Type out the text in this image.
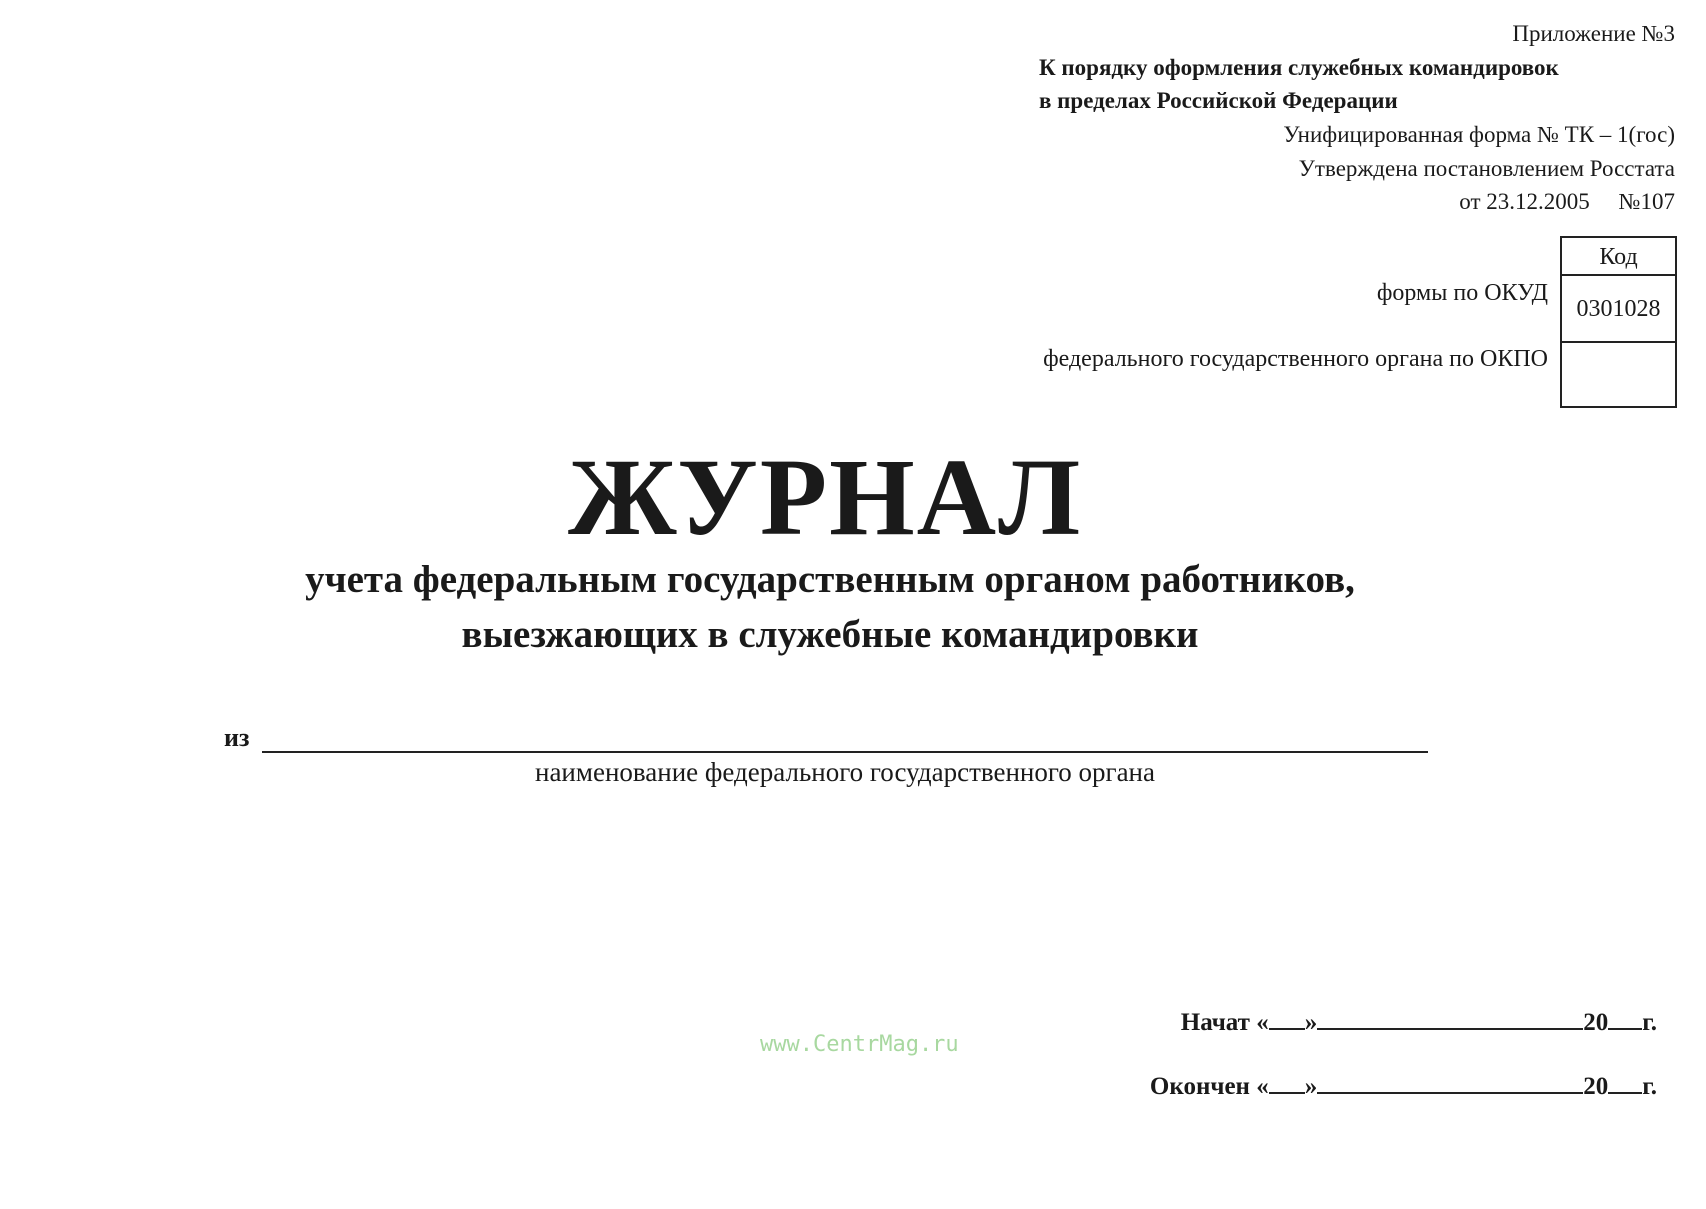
Приложение №3
К порядку оформления служебных командировок
в пределах Российской Федерации
Унифицированная форма № ТК – 1(гос)
Утверждена постановлением Росстата
от 23.12.2005     №107
формы по ОКУД
федерального государственного органа по ОКПО
Код
0301028
ЖУРНАЛ
учета федеральным государственным органом работников,
выезжающих в служебные командировки
из
наименование федерального государственного органа
Начат « »	20 г.
Окончен « »	20 г.
www.CentrMag.ru
